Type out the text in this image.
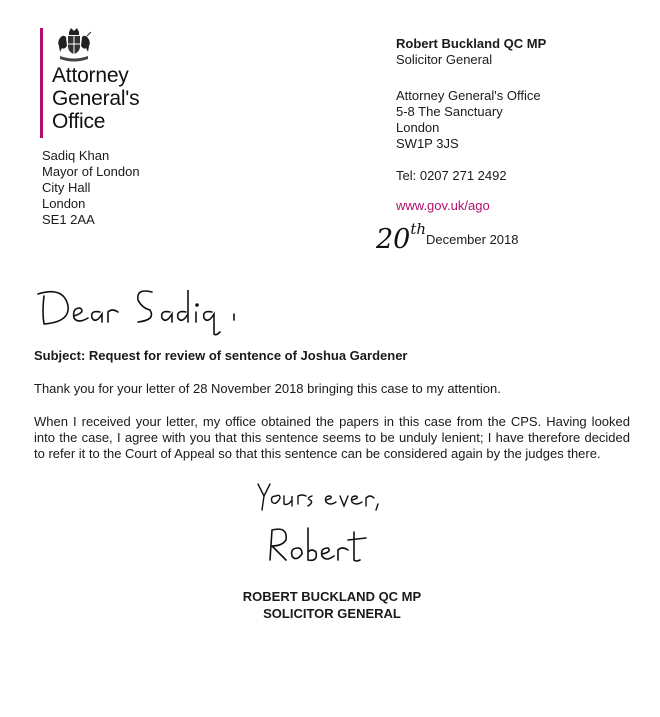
Attorney
General's
Office
Robert Buckland QC MP
Solicitor General
Attorney General's Office
5-8 The Sanctuary
London
SW1P 3JS
Tel: 0207 271 2492
www.gov.uk/ago
Sadiq Khan
Mayor of London
City Hall
London
SE1 2AA
20th
December 2018
Subject: Request for review of sentence of Joshua Gardener
Thank you for your letter of 28 November 2018 bringing this case to my attention.
When I received your letter, my office obtained the papers in this case from the CPS. Having looked into the case, I agree with you that this sentence seems to be unduly lenient; I have therefore decided to refer it to the Court of Appeal so that this sentence can be considered again by the judges there.
ROBERT BUCKLAND QC MP
SOLICITOR GENERAL
